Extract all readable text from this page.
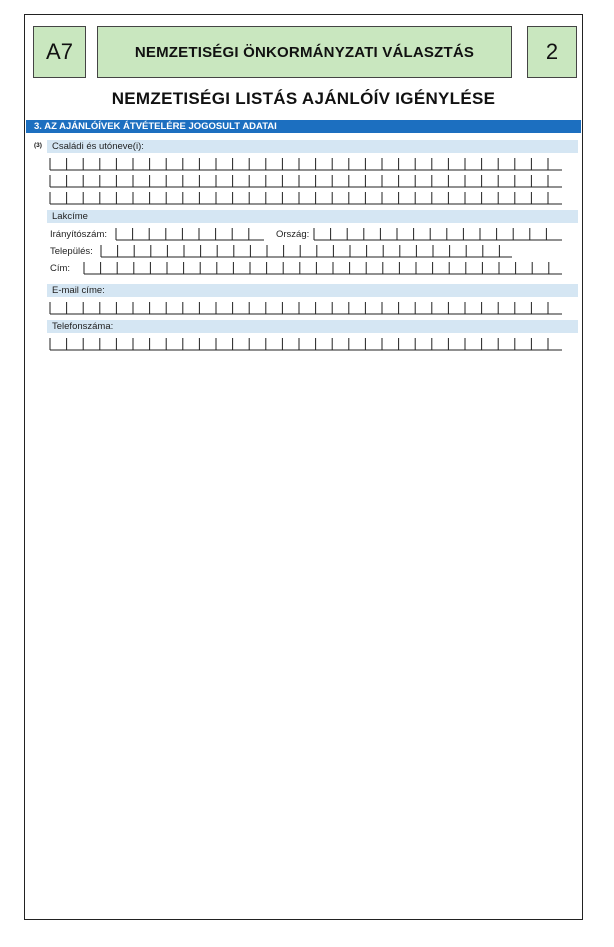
A7	NEMZETISÉGI ÖNKORMÁNYZATI VÁLASZTÁS	2
NEMZETISÉGI LISTÁS AJÁNLÓÍV IGÉNYLÉSE
3. AZ AJÁNLÓÍVEK ÁTVÉTELÉRE JOGOSULT ADATAI
(3)	Családi és utóneve(i):
Lakcíme
Irányítószám:	Ország:
Település:
Cím:
E-mail címe:
Telefonszáma:
